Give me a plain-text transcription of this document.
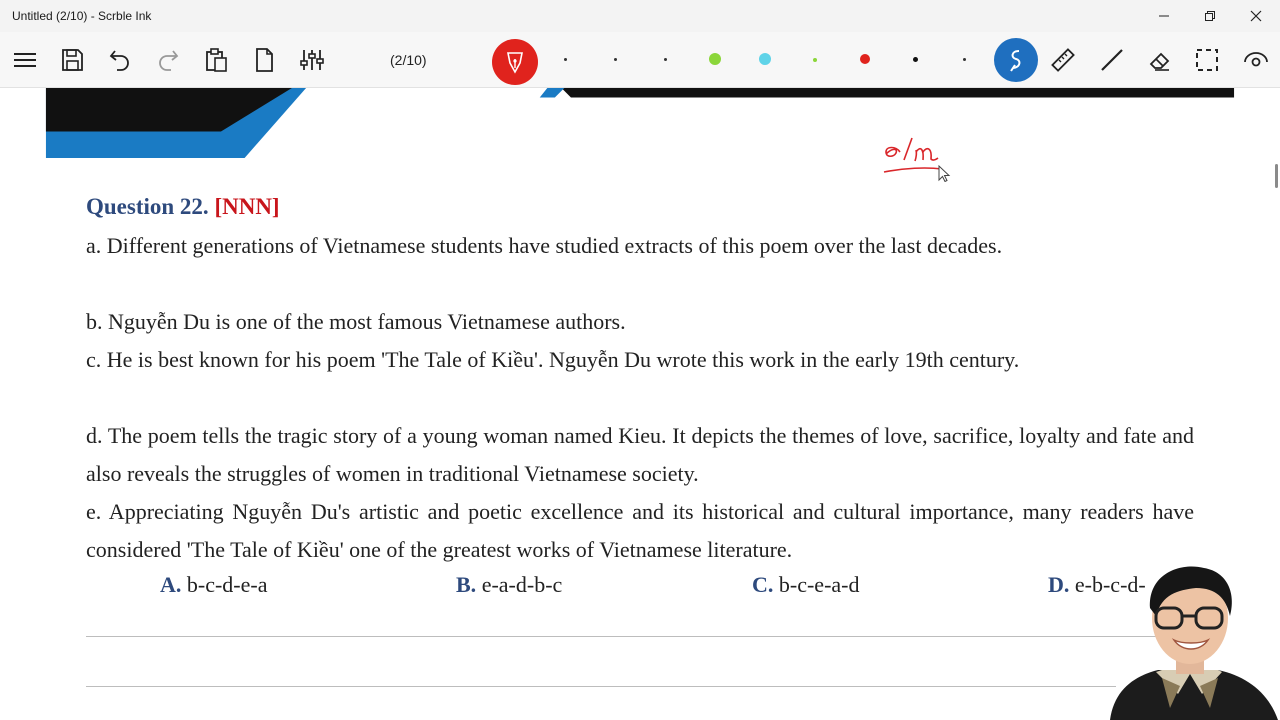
Untitled (2/10) - Scrble Ink
(2/10)
Question 22. [NNN]
a. Different generations of Vietnamese students have studied extracts of this poem over the last decades.
b. Nguyễn Du is one of the most famous Vietnamese authors.
c. He is best known for his poem 'The Tale of Kiều'. Nguyễn Du wrote this work in the early 19th century.
d. The poem tells the tragic story of a young woman named Kieu. It depicts the themes of love, sacrifice, loyalty and fate and also reveals the struggles of women in traditional Vietnamese society.
e. Appreciating Nguyễn Du's artistic and poetic excellence and its historical and cultural importance, many readers have considered 'The Tale of Kiều' one of the greatest works of Vietnamese literature.
A. b-c-d-e-a	B. e-a-d-b-c	C. b-c-e-a-d	D. e-b-c-d-
